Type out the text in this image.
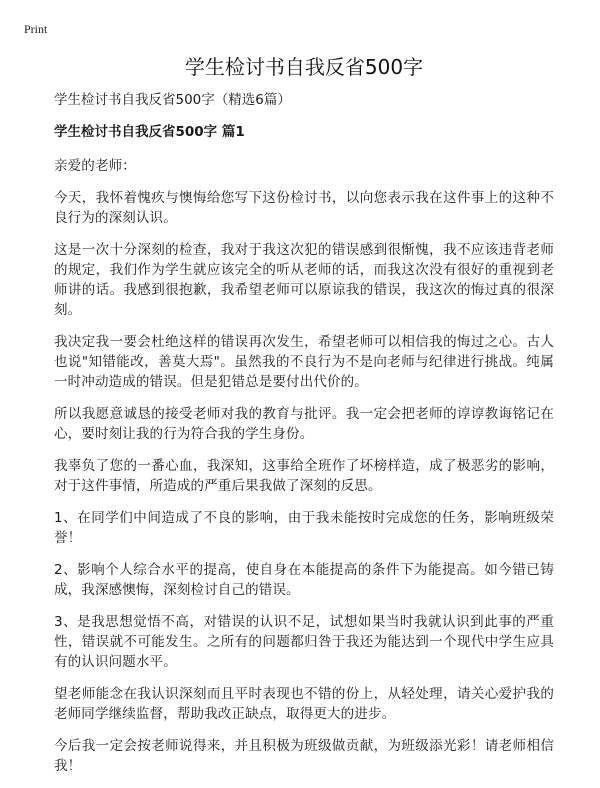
Print
学生检讨书自我反省500字

学生检讨书自我反省500字（精选6篇）

学生检讨书自我反省500字 篇1

亲爱的老师：

今天，我怀着愧疚与懊悔给您写下这份检讨书，以向您表示我在这件事上的这种不良行为的深刻认识。

这是一次十分深刻的检查，我对于我这次犯的错误感到很惭愧，我不应该违背老师的规定，我们作为学生就应该完全的听从老师的话，而我这次没有很好的重视到老师讲的话。我感到很抱歉，我希望老师可以原谅我的错误，我这次的悔过真的很深刻。

我决定我一要会杜绝这样的错误再次发生，希望老师可以相信我的悔过之心。古人也说"知错能改，善莫大焉"。虽然我的不良行为不是向老师与纪律进行挑战。纯属一时冲动造成的错误。但是犯错总是要付出代价的。

所以我愿意诚恳的接受老师对我的教育与批评。我一定会把老师的谆谆教诲铭记在心，要时刻让我的行为符合我的学生身份。

我辜负了您的一番心血，我深知，这事给全班作了坏榜样造，成了极恶劣的影响，对于这件事情，所造成的严重后果我做了深刻的反思。

1、在同学们中间造成了不良的影响，由于我未能按时完成您的任务，影响班级荣誉！

2、影响个人综合水平的提高，使自身在本能提高的条件下为能提高。如今错已铸成，我深感懊悔，深刻检讨自己的错误。

3、是我思想觉悟不高，对错误的认识不足，试想如果当时我就认识到此事的严重性，错误就不可能发生。之所有的问题都归咎于我还为能达到一个现代中学生应具有的认识问题水平。

望老师能念在我认识深刻而且平时表现也不错的份上，从轻处理，请关心爱护我的老师同学继续监督，帮助我改正缺点，取得更大的进步。

今后我一定会按老师说得来，并且积极为班级做贡献，为班级添光彩！请老师相信我！
